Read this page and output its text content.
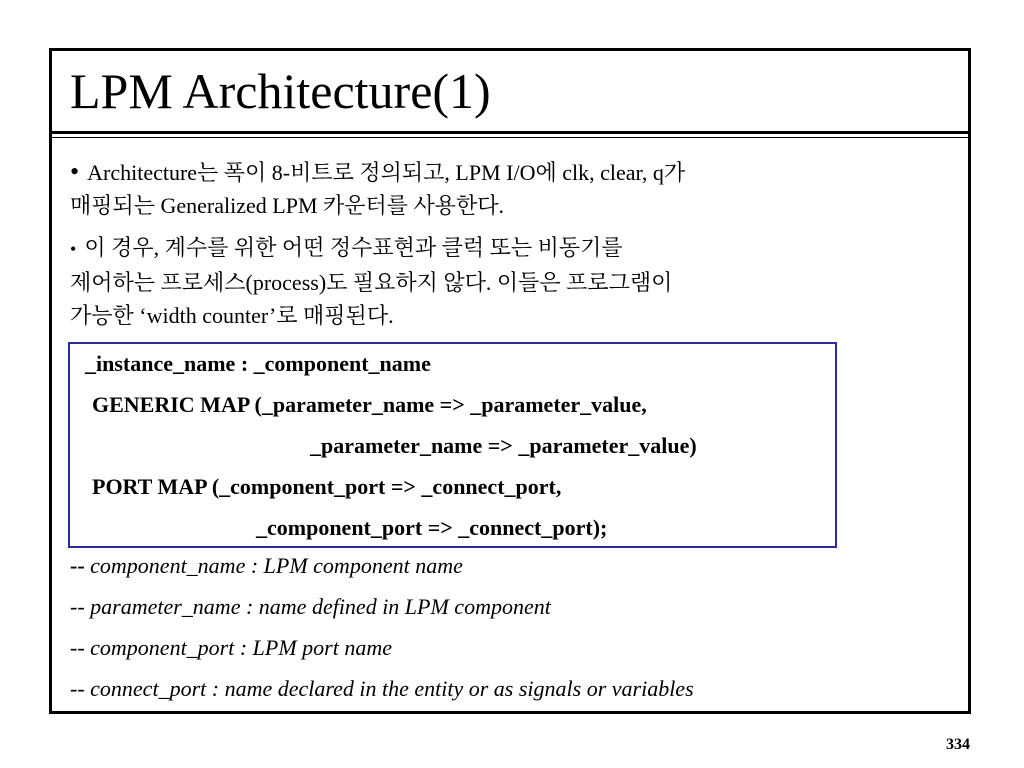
LPM Architecture(1)
• Architecture는 폭이 8-비트로 정의되고, LPM I/O에 clk, clear, q가
매핑되는 Generalized LPM 카운터를 사용한다.
• 이 경우, 계수를 위한 어떤 정수표현과 클럭 또는 비동기를
제어하는 프로세스(process)도 필요하지 않다. 이들은 프로그램이
가능한 ‘width counter’로 매핑된다.
_instance_name : _component_name
GENERIC MAP (_parameter_name => _parameter_value,
_parameter_name => _parameter_value)
PORT MAP (_component_port => _connect_port,
_component_port => _connect_port);
-- component_name : LPM component name
-- parameter_name : name defined in LPM component
-- component_port : LPM port name
-- connect_port : name declared in the entity or as signals or variables
334
